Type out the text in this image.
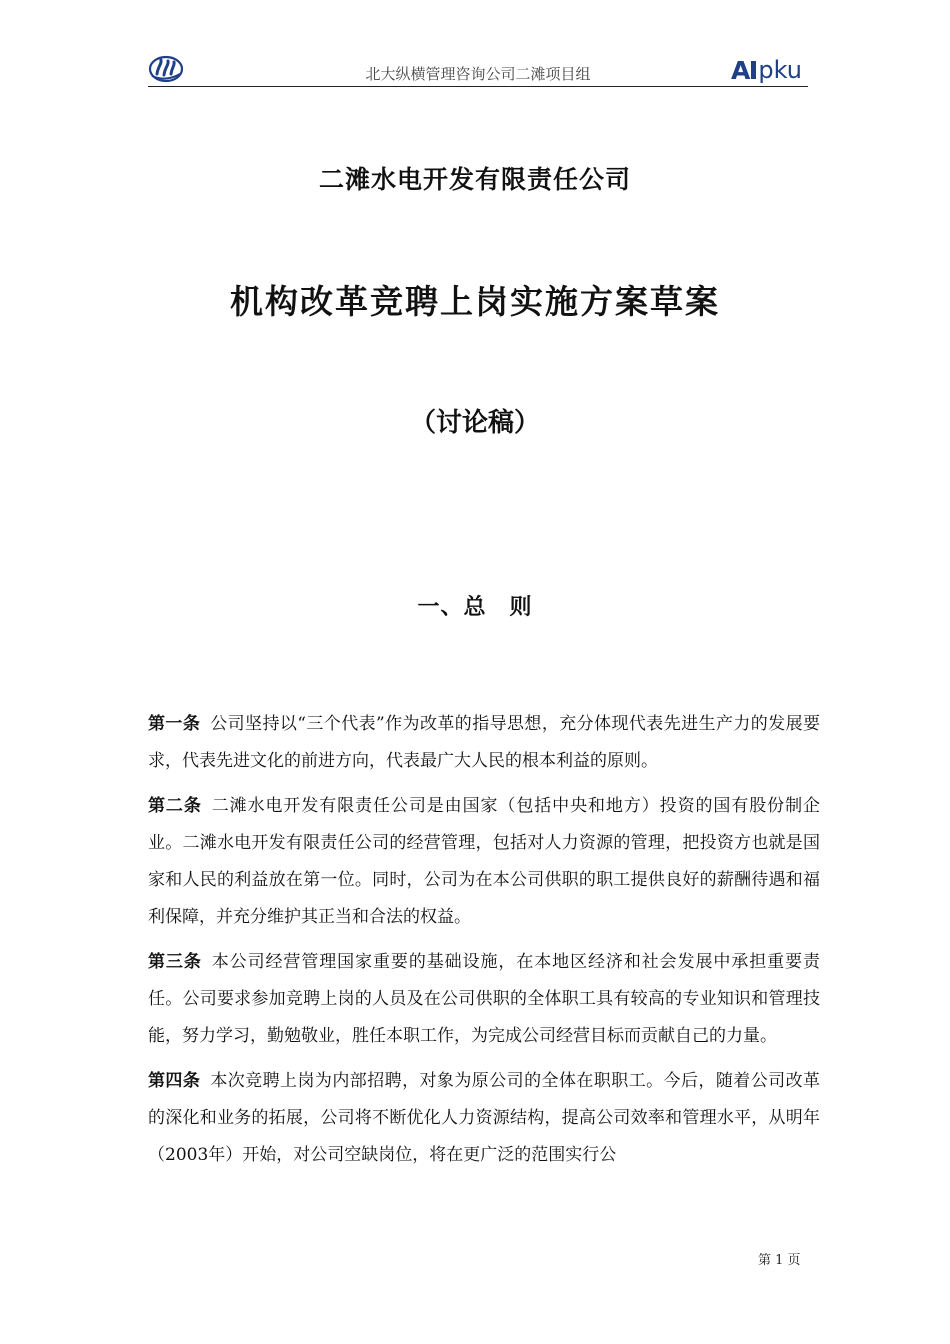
北大纵横管理咨询公司二滩项目组	A pku
二滩水电开发有限责任公司
机构改革竞聘上岗实施方案草案
（讨论稿）
一、总　则

第一条 公司坚持以“三个代表”作为改革的指导思想，充分体现代表先进生产力的发展要求，代表先进文化的前进方向，代表最广大人民的根本利益的原则。

第二条 二滩水电开发有限责任公司是由国家（包括中央和地方）投资的国有股份制企业。二滩水电开发有限责任公司的经营管理，包括对人力资源的管理，把投资方也就是国家和人民的利益放在第一位。同时，公司为在本公司供职的职工提供良好的薪酬待遇和福利保障，并充分维护其正当和合法的权益。

第三条 本公司经营管理国家重要的基础设施，在本地区经济和社会发展中承担重要责任。公司要求参加竞聘上岗的人员及在公司供职的全体职工具有较高的专业知识和管理技能，努力学习，勤勉敬业，胜任本职工作，为完成公司经营目标而贡献自己的力量。

第四条 本次竞聘上岗为内部招聘，对象为原公司的全体在职职工。今后，随着公司改革的深化和业务的拓展，公司将不断优化人力资源结构，提高公司效率和管理水平，从明年（2003年）开始，对公司空缺岗位，将在更广泛的范围实行公

第 1 页
